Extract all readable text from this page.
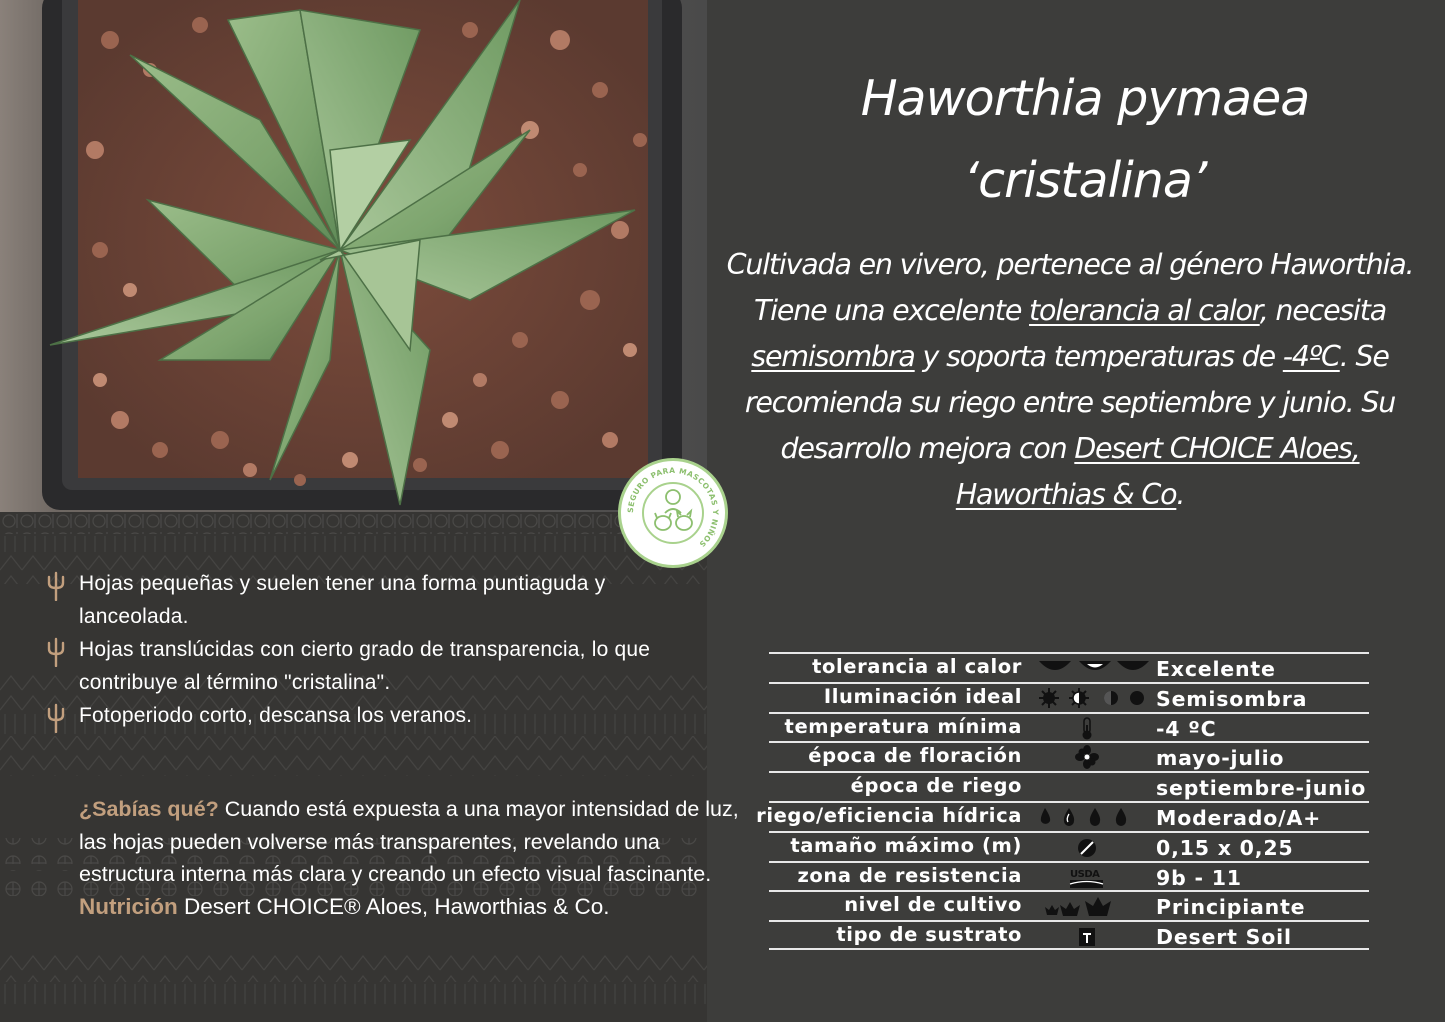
SEGURO PARA MASCOTAS Y NIÑOS
Haworthia pymaea
‘cristalina’
Cultivada en vivero, pertenece al género Haworthia. Tiene una excelente tolerancia al calor, necesita semisombra y soporta temperaturas de -4ºC. Se recomienda su riego entre septiembre y junio. Su desarrollo mejora con Desert CHOICE Aloes, Haworthias & Co.
Hojas pequeñas y suelen tener una forma puntiaguda y lanceolada.
Hojas translúcidas con cierto grado de transparencia, lo que contribuye al término "cristalina".
Fotoperiodo corto, descansa los veranos.
¿Sabías qué? Cuando está expuesta a una mayor intensidad de luz, las hojas pueden volverse más transparentes, revelando una estructura interna más clara y creando un efecto visual fascinante.
Nutrición Desert CHOICE® Aloes, Haworthias & Co.
tolerancia al calor	Excelente
Iluminación ideal	Semisombra
temperatura mínima	-4 ºC
época de floración	mayo-julio
época de riego	septiembre-junio
riego/eficiencia hídrica	Moderado/A+
tamaño máximo (m)	0,15 x 0,25
zona de resistencia	USDA	9b - 11
nivel de cultivo	Principiante
tipo de sustrato	Desert Soil
